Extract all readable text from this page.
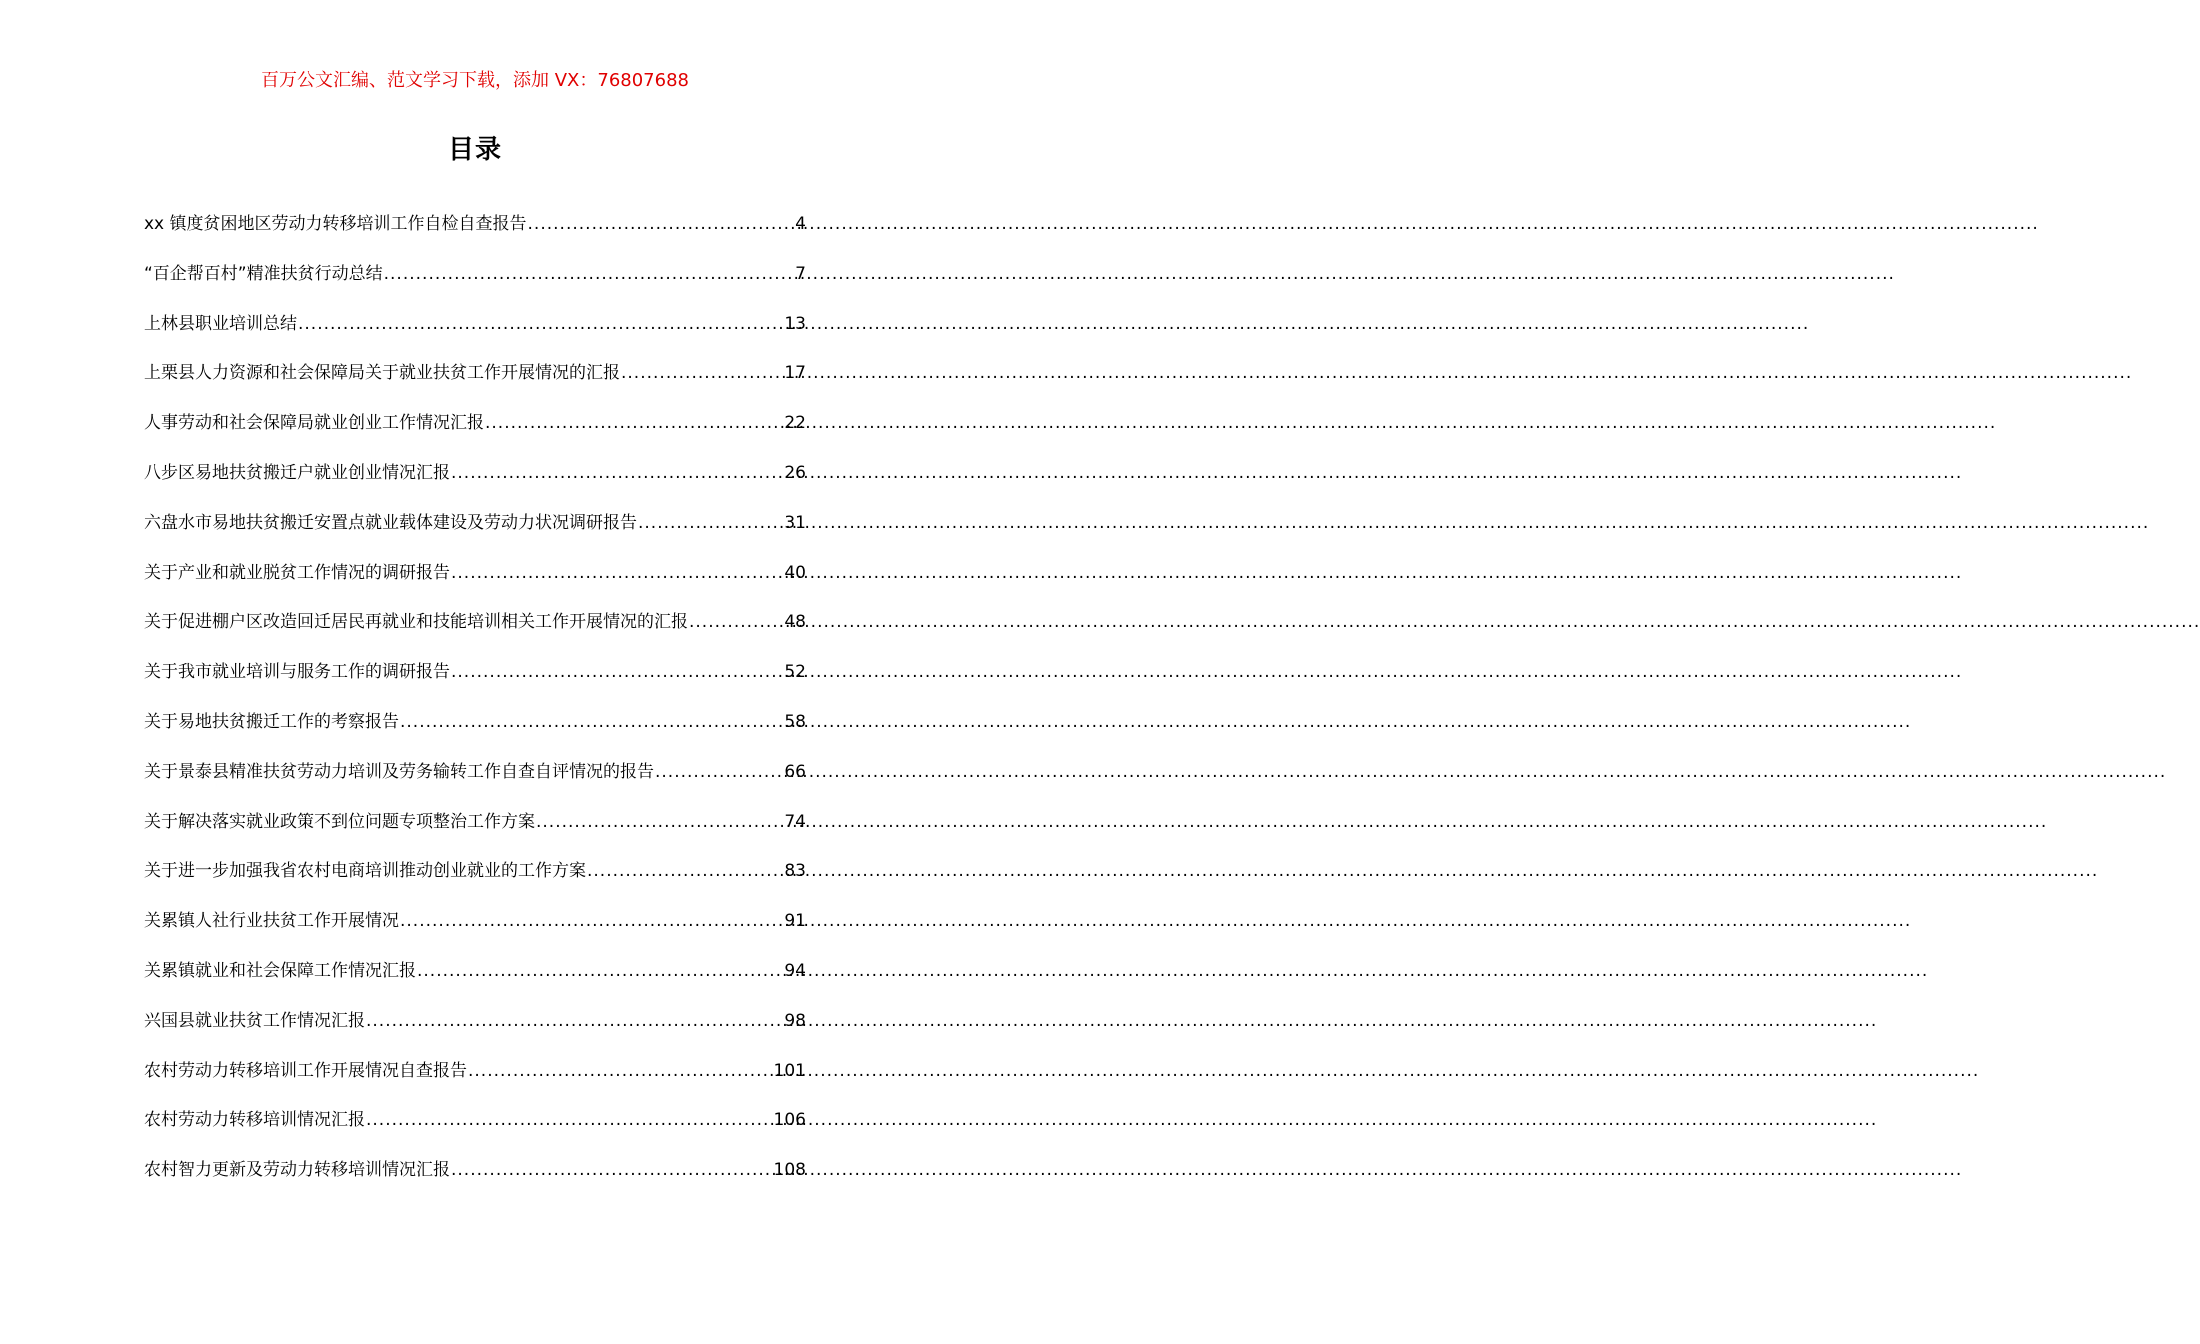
百万公文汇编、范文学习下载，添加 VX：76807688
目录
xx 镇度贫困地区劳动力转移培训工作自检自查报告 .....	4
“百企帮百村”精准扶贫行动总结 .....	7
上林县职业培训总结 .....	13
上栗县人力资源和社会保障局关于就业扶贫工作开展情况的汇报 .....	17
人事劳动和社会保障局就业创业工作情况汇报 .....	22
八步区易地扶贫搬迁户就业创业情况汇报 .....	26
六盘水市易地扶贫搬迁安置点就业载体建设及劳动力状况调研报告 .....	31
关于产业和就业脱贫工作情况的调研报告 .....	40
关于促进棚户区改造回迁居民再就业和技能培训相关工作开展情况的汇报 .....	48
关于我市就业培训与服务工作的调研报告 .....	52
关于易地扶贫搬迁工作的考察报告 .....	58
关于景泰县精准扶贫劳动力培训及劳务输转工作自查自评情况的报告 .....	66
关于解决落实就业政策不到位问题专项整治工作方案 .....	74
关于进一步加强我省农村电商培训推动创业就业的工作方案 .....	83
关累镇人社行业扶贫工作开展情况 .....	91
关累镇就业和社会保障工作情况汇报 .....	94
兴国县就业扶贫工作情况汇报 .....	98
农村劳动力转移培训工作开展情况自查报告 .....	101
农村劳动力转移培训情况汇报 .....	106
农村智力更新及劳动力转移培训情况汇报 .....	108
